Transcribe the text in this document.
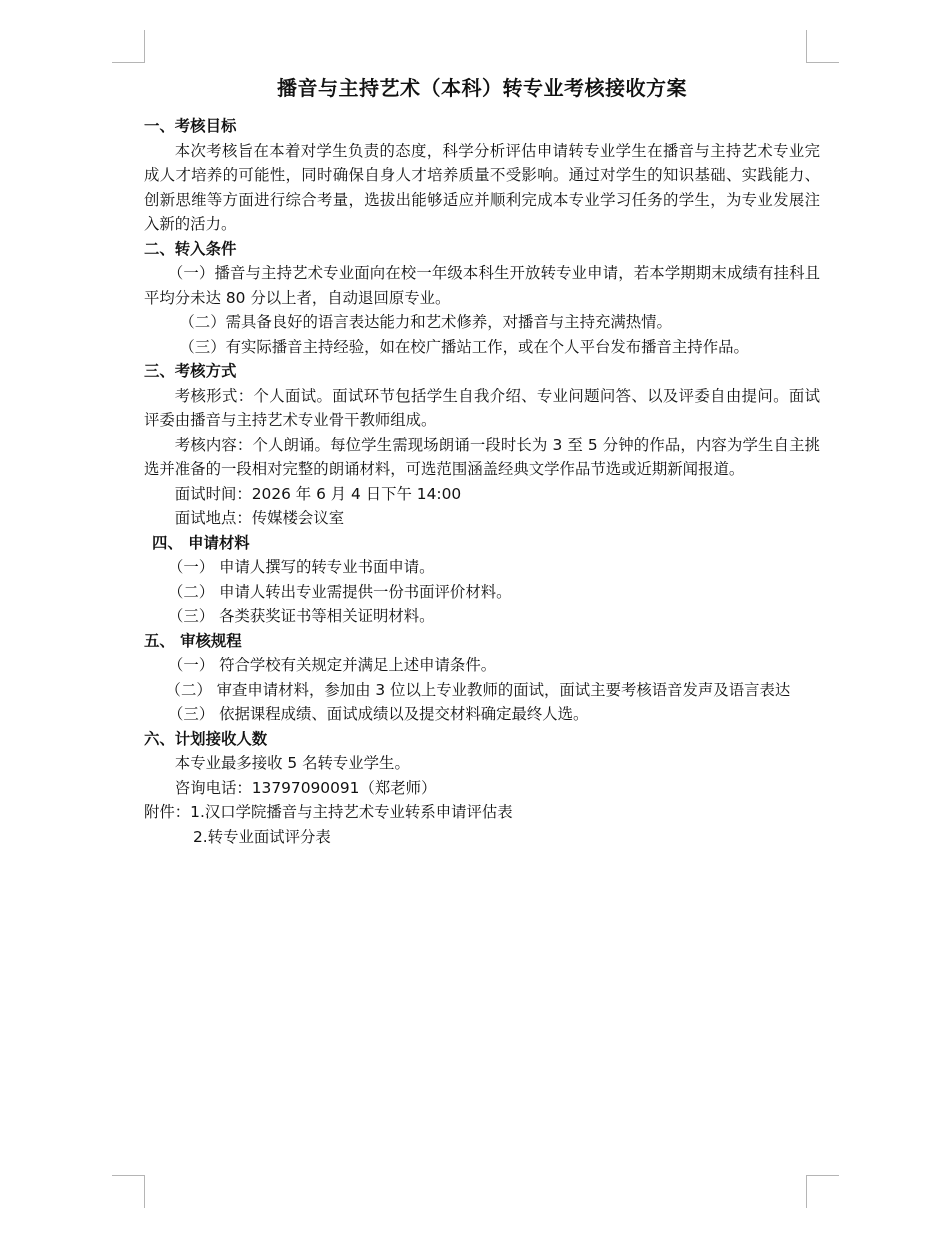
播音与主持艺术（本科）转专业考核接收方案

一、考核目标

本次考核旨在本着对学生负责的态度，科学分析评估申请转专业学生在播音与主持艺术专业完成人才培养的可能性，同时确保自身人才培养质量不受影响。通过对学生的知识基础、实践能力、创新思维等方面进行综合考量，选拔出能够适应并顺利完成本专业学习任务的学生，为专业发展注入新的活力。

二、转入条件

（一）播音与主持艺术专业面向在校一年级本科生开放转专业申请，若本学期期末成绩有挂科且平均分未达 80 分以上者，自动退回原专业。

（二）需具备良好的语言表达能力和艺术修养，对播音与主持充满热情。

（三）有实际播音主持经验，如在校广播站工作，或在个人平台发布播音主持作品。

三、考核方式

考核形式：个人面试。面试环节包括学生自我介绍、专业问题问答、以及评委自由提问。面试评委由播音与主持艺术专业骨干教师组成。

考核内容：个人朗诵。每位学生需现场朗诵一段时长为 3 至 5 分钟的作品，内容为学生自主挑选并准备的一段相对完整的朗诵材料，可选范围涵盖经典文学作品节选或近期新闻报道。

面试时间：2026 年 6 月 4 日下午 14:00

面试地点：传媒楼会议室

四、 申请材料

（一） 申请人撰写的转专业书面申请。

（二） 申请人转出专业需提供一份书面评价材料。

（三） 各类获奖证书等相关证明材料。

五、 审核规程

（一） 符合学校有关规定并满足上述申请条件。

（二） 审查申请材料，参加由 3 位以上专业教师的面试，面试主要考核语音发声及语言表达

（三） 依据课程成绩、面试成绩以及提交材料确定最终人选。

六、计划接收人数

本专业最多接收 5 名转专业学生。

咨询电话：13797090091（郑老师）

附件：1.汉口学院播音与主持艺术专业转系申请评估表

2.转专业面试评分表
